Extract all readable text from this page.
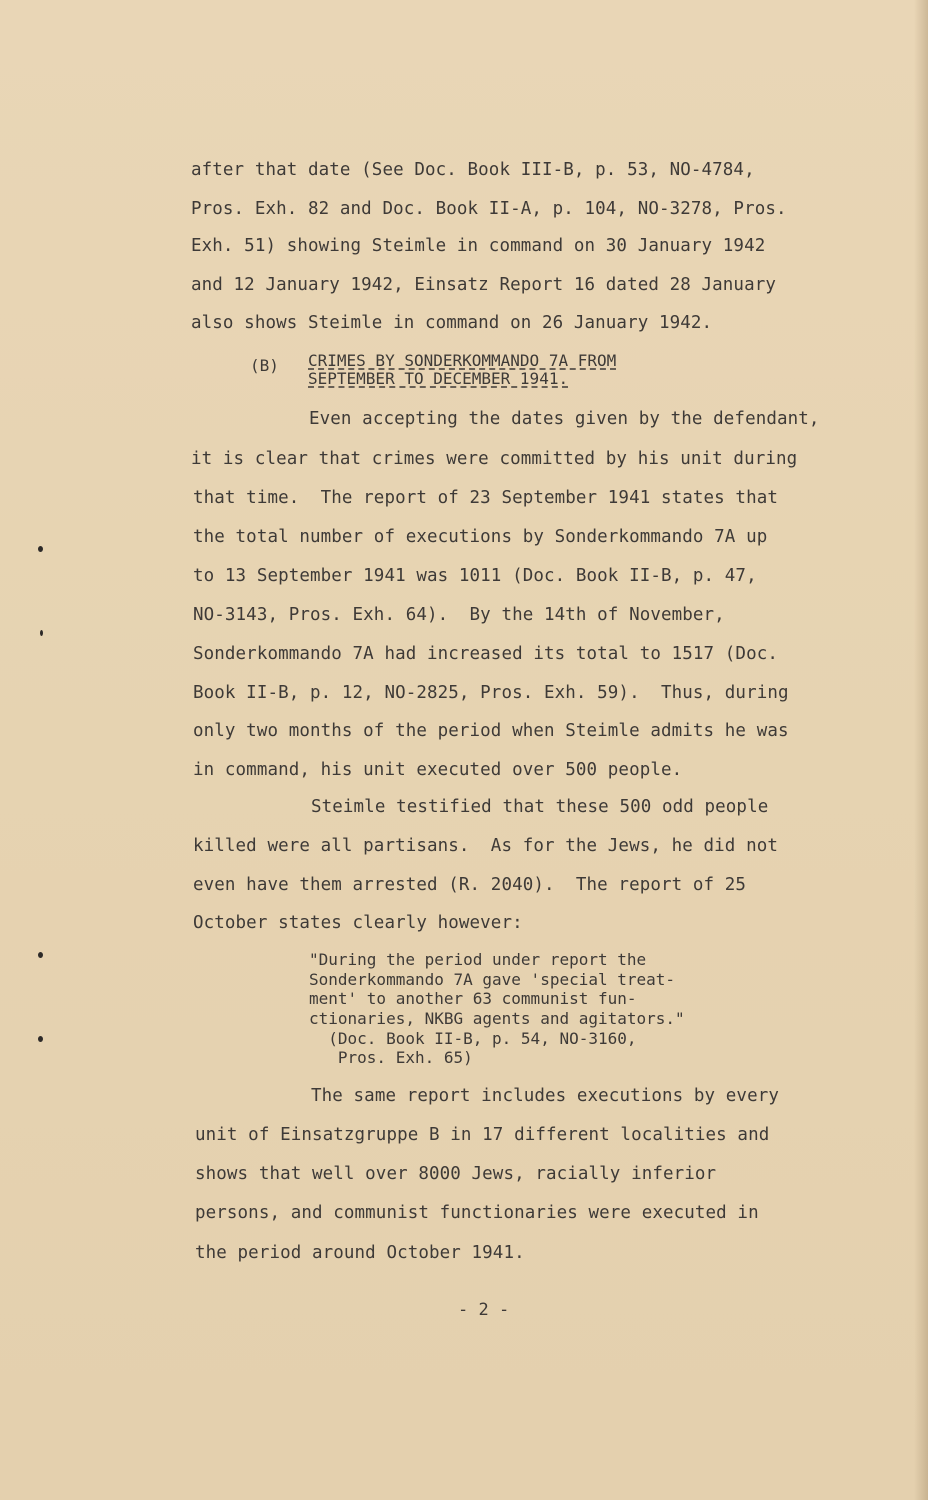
after that date (See Doc. Book III-B, p. 53, NO-4784,
Pros. Exh. 82 and Doc. Book II-A, p. 104, NO-3278, Pros.
Exh. 51) showing Steimle in command on 30 January 1942
and 12 January 1942, Einsatz Report 16 dated 28 January
also shows Steimle in command on 26 January 1942.
(B) CRIMES BY SONDERKOMMANDO 7A FROM
SEPTEMBER TO DECEMBER 1941.
Even accepting the dates given by the defendant,
it is clear that crimes were committed by his unit during
that time.  The report of 23 September 1941 states that
the total number of executions by Sonderkommando 7A up
to 13 September 1941 was 1011 (Doc. Book II-B, p. 47,
NO-3143, Pros. Exh. 64).  By the 14th of November,
Sonderkommando 7A had increased its total to 1517 (Doc.
Book II-B, p. 12, NO-2825, Pros. Exh. 59).  Thus, during
only two months of the period when Steimle admits he was
in command, his unit executed over 500 people.
Steimle testified that these 500 odd people
killed were all partisans.  As for the Jews, he did not
even have them arrested (R. 2040).  The report of 25
October states clearly however:
"During the period under report the
Sonderkommando 7A gave 'special treat-
ment' to another 63 communist fun-
ctionaries, NKBG agents and agitators."
(Doc. Book II-B, p. 54, NO-3160,
Pros. Exh. 65)
The same report includes executions by every
unit of Einsatzgruppe B in 17 different localities and
shows that well over 8000 Jews, racially inferior
persons, and communist functionaries were executed in
the period around October 1941.
- 2 -
